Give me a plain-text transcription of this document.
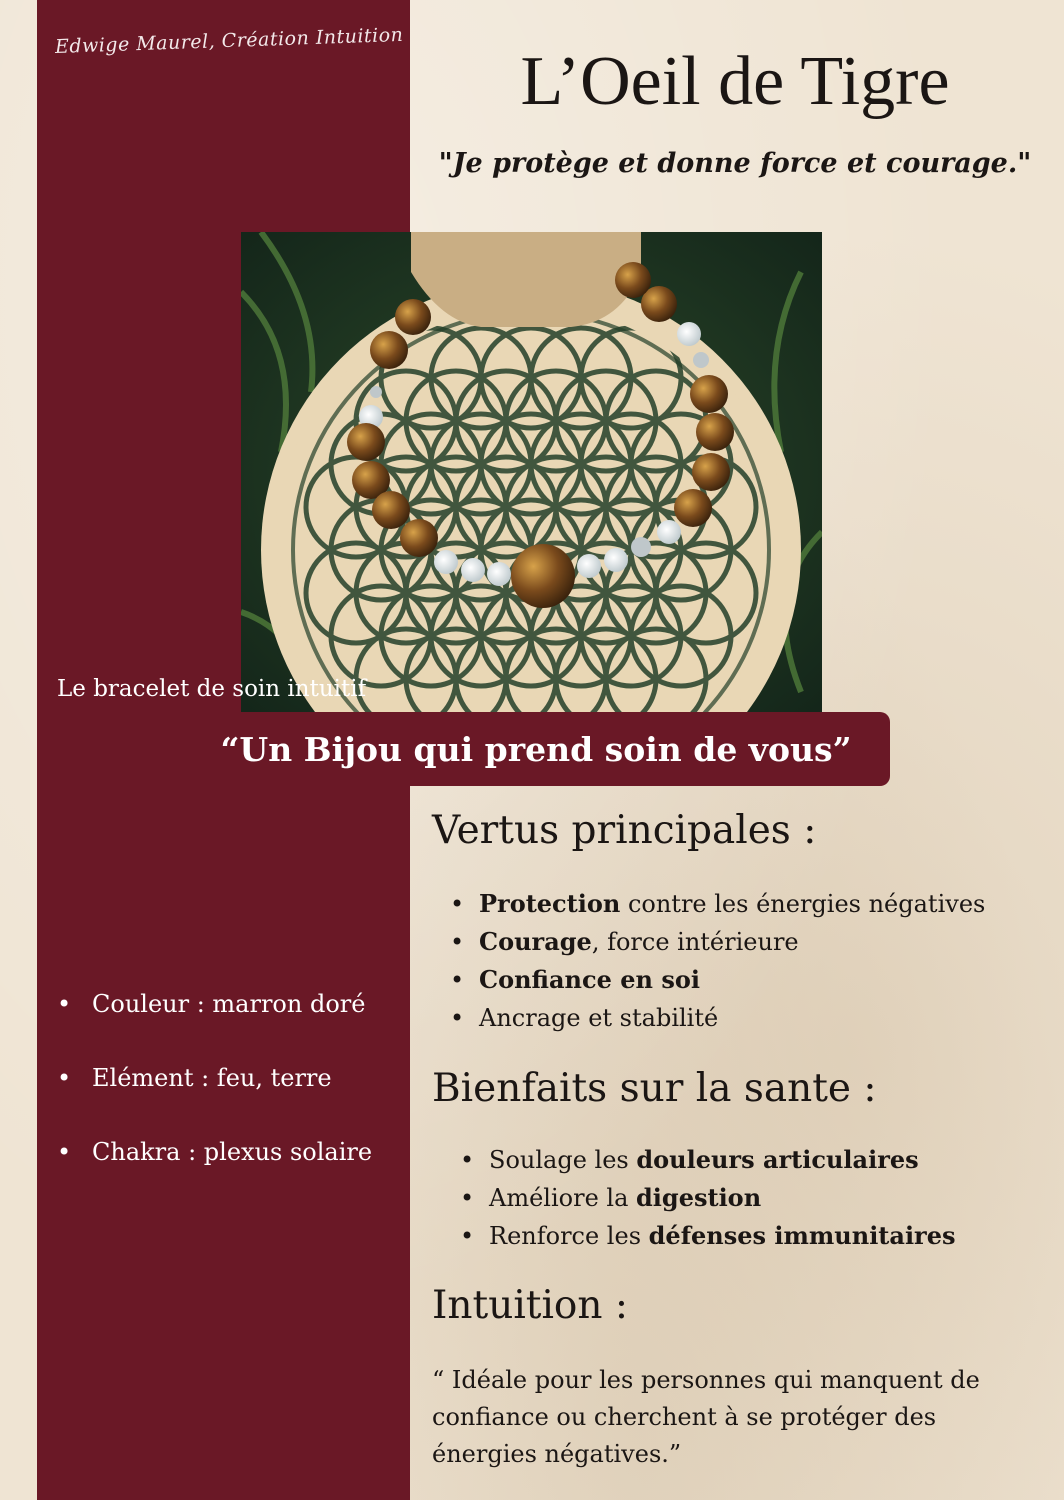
Edwige Maurel, Création Intuition
L’Oeil de Tigre
"Je protège et donne force et courage."
Le bracelet de soin intuitif
“Un Bijou qui prend soin de vous”
• Couleur : marron doré
• Elément : feu, terre
• Chakra : plexus solaire
Vertus principales :
• Protection contre les énergies négatives
• Courage, force intérieure
• Confiance en soi
• Ancrage et stabilité
Bienfaits sur la sante :
• Soulage les douleurs articulaires
• Améliore la digestion
• Renforce les défenses immunitaires
Intuition :
“ Idéale pour les personnes qui manquent de confiance ou cherchent à se protéger des énergies négatives.”
